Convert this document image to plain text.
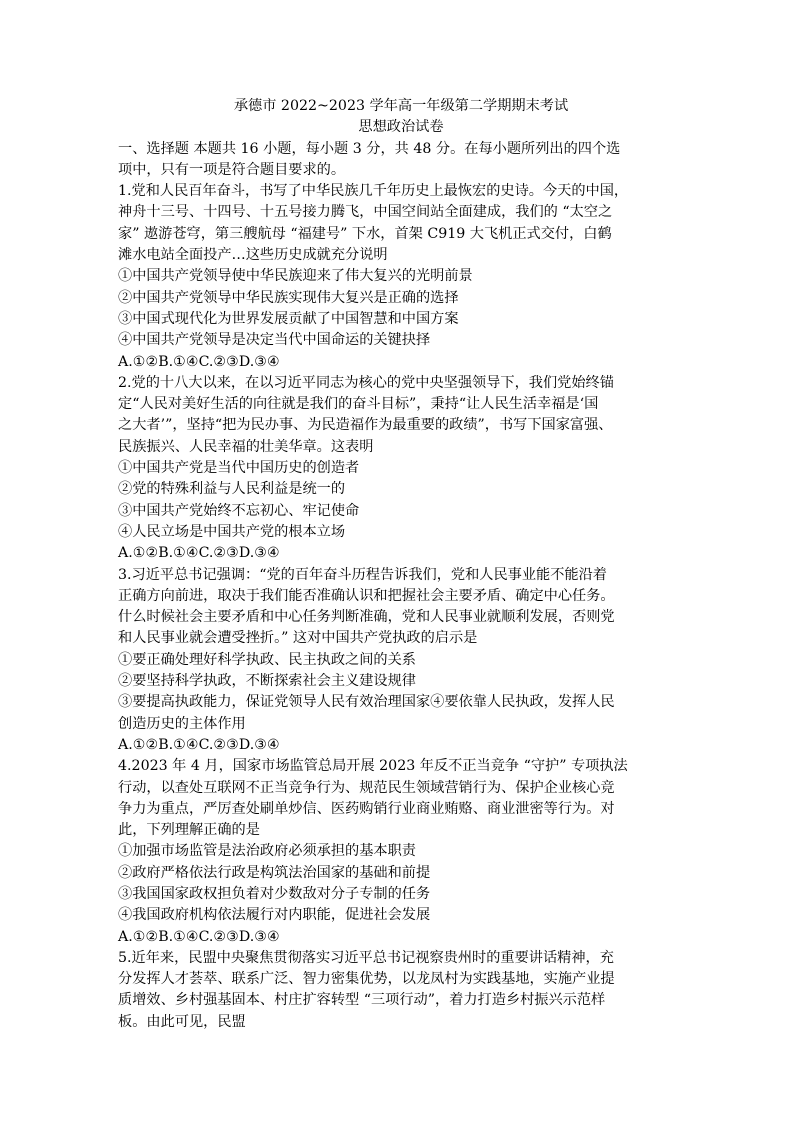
承德市 2022~2023 学年高一年级第二学期期末考试

思想政治试卷

一、选择题 本题共 16 小题，每小题 3 分，共 48 分。在每小题所列出的四个选

项中，只有一项是符合题目要求的。

1.党和人民百年奋斗，书写了中华民族几千年历史上最恢宏的史诗。今天的中国，

神舟十三号、十四号、十五号接力腾飞，中国空间站全面建成，我们的 “太空之

家” 遨游苍穹，第三艘航母 “福建号” 下水，首架 C919 大飞机正式交付，白鹤

滩水电站全面投产…这些历史成就充分说明

①中国共产党领导使中华民族迎来了伟大复兴的光明前景

②中国共产党领导中华民族实现伟大复兴是正确的选择

③中国式现代化为世界发展贡献了中国智慧和中国方案

④中国共产党领导是决定当代中国命运的关键抉择

A.①②B.①④C.②③D.③④

2.党的十八大以来，在以习近平同志为核心的党中央坚强领导下，我们党始终锚

定“人民对美好生活的向往就是我们的奋斗目标”，秉持“让人民生活幸福是‘国

之大者’”，坚持“把为民办事、为民造福作为最重要的政绩”，书写下国家富强、

民族振兴、人民幸福的壮美华章。这表明

①中国共产党是当代中国历史的创造者

②党的特殊利益与人民利益是统一的

③中国共产党始终不忘初心、牢记使命

④人民立场是中国共产党的根本立场

A.①②B.①④C.②③D.③④

3.习近平总书记强调：“党的百年奋斗历程告诉我们，党和人民事业能不能沿着

正确方向前进，取决于我们能否准确认识和把握社会主要矛盾、确定中心任务。

什么时候社会主要矛盾和中心任务判断准确，党和人民事业就顺利发展，否则党

和人民事业就会遭受挫折。” 这对中国共产党执政的启示是

①要正确处理好科学执政、民主执政之间的关系

②要坚持科学执政，不断探索社会主义建设规律

③要提高执政能力，保证党领导人民有效治理国家④要依靠人民执政，发挥人民

创造历史的主体作用

A.①②B.①④C.②③D.③④

4.2023 年 4 月，国家市场监管总局开展 2023 年反不正当竞争 “守护” 专项执法

行动，以查处互联网不正当竞争行为、规范民生领域营销行为、保护企业核心竞

争力为重点，严厉查处刷单炒信、医药购销行业商业贿赂、商业泄密等行为。对

此，下列理解正确的是

①加强市场监管是法治政府必须承担的基本职责

②政府严格依法行政是构筑法治国家的基础和前提

③我国国家政权担负着对少数敌对分子专制的任务

④我国政府机构依法履行对内职能，促进社会发展

A.①②B.①④C.②③D.③④

5.近年来，民盟中央聚焦贯彻落实习近平总书记视察贵州时的重要讲话精神，充

分发挥人才荟萃、联系广泛、智力密集优势，以龙凤村为实践基地，实施产业提

质增效、乡村强基固本、村庄扩容转型 “三项行动”，着力打造乡村振兴示范样

板。由此可见，民盟
